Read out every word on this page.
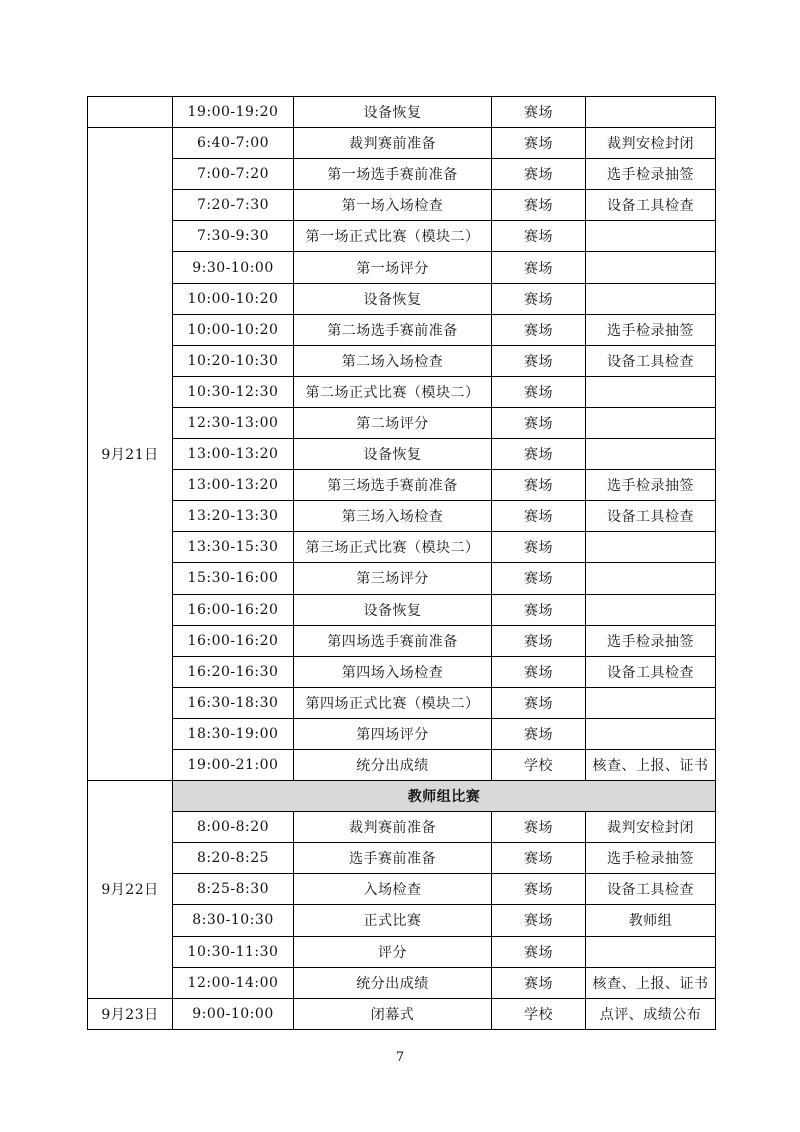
	19:00-19:20	设备恢复	赛场	
9月21日	6:40-7:00	裁判赛前准备	赛场	裁判安检封闭
	7:00-7:20	第一场选手赛前准备	赛场	选手检录抽签
	7:20-7:30	第一场入场检查	赛场	设备工具检查
	7:30-9:30	第一场正式比赛（模块二）	赛场	
	9:30-10:00	第一场评分	赛场	
	10:00-10:20	设备恢复	赛场	
	10:00-10:20	第二场选手赛前准备	赛场	选手检录抽签
	10:20-10:30	第二场入场检查	赛场	设备工具检查
	10:30-12:30	第二场正式比赛（模块二）	赛场	
	12:30-13:00	第二场评分	赛场	
	13:00-13:20	设备恢复	赛场	
	13:00-13:20	第三场选手赛前准备	赛场	选手检录抽签
	13:20-13:30	第三场入场检查	赛场	设备工具检查
	13:30-15:30	第三场正式比赛（模块二）	赛场	
	15:30-16:00	第三场评分	赛场	
	16:00-16:20	设备恢复	赛场	
	16:00-16:20	第四场选手赛前准备	赛场	选手检录抽签
	16:20-16:30	第四场入场检查	赛场	设备工具检查
	16:30-18:30	第四场正式比赛（模块二）	赛场	
	18:30-19:00	第四场评分	赛场	
	19:00-21:00	统分出成绩	学校	核查、上报、证书
9月22日	教师组比赛			
	8:00-8:20	裁判赛前准备	赛场	裁判安检封闭
	8:20-8:25	选手赛前准备	赛场	选手检录抽签
	8:25-8:30	入场检查	赛场	设备工具检查
	8:30-10:30	正式比赛	赛场	教师组
	10:30-11:30	评分	赛场	
	12:00-14:00	统分出成绩	赛场	核查、上报、证书
9月23日	9:00-10:00	闭幕式	学校	点评、成绩公布
7
